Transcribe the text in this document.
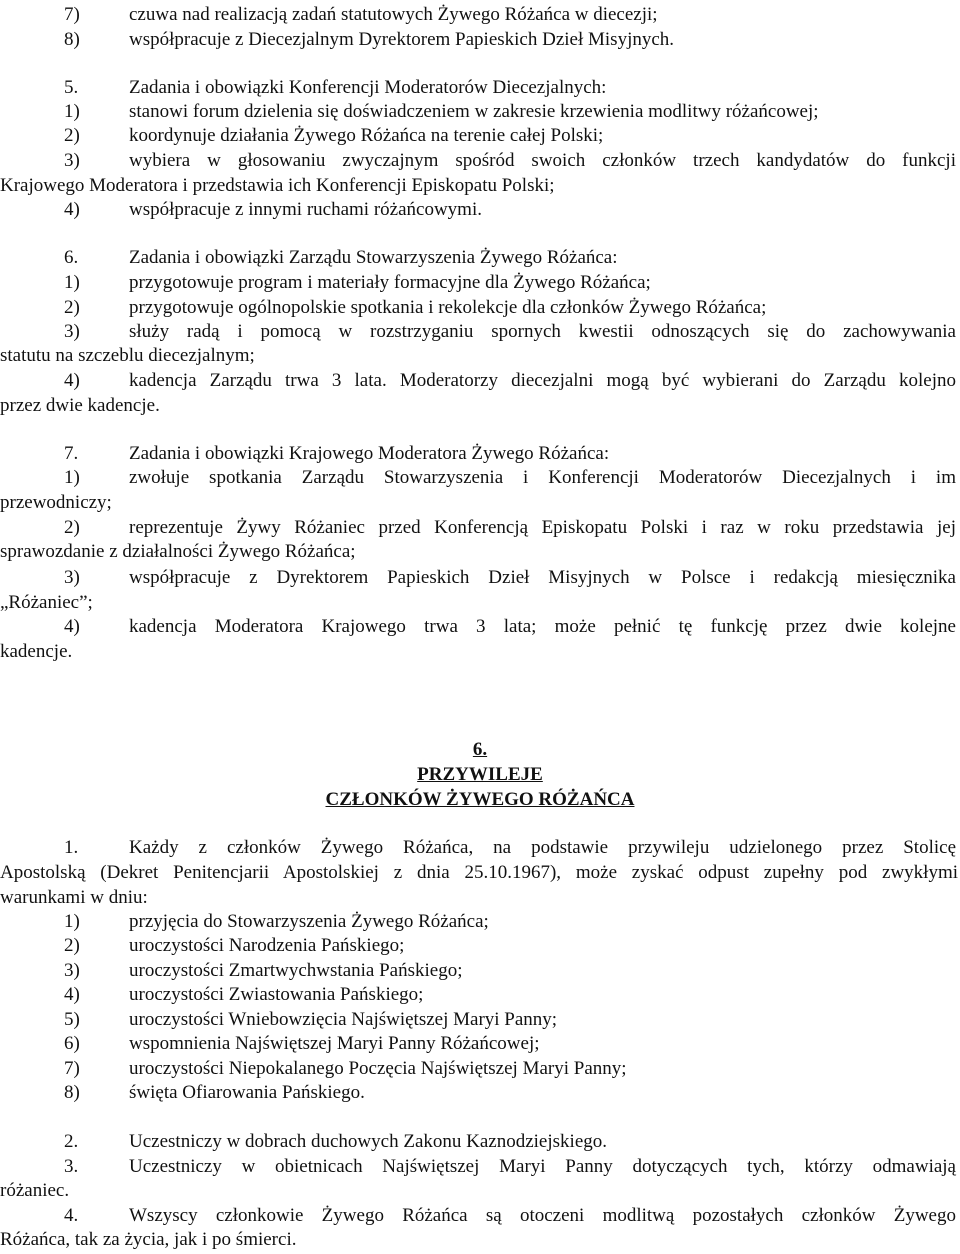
7)	czuwa nad realizacją zadań statutowych Żywego Różańca w diecezji;
8)	współpracuje z Diecezjalnym Dyrektorem Papieskich Dzieł Misyjnych.
5.	Zadania i obowiązki Konferencji Moderatorów Diecezjalnych:
1)	stanowi forum dzielenia się doświadczeniem w zakresie krzewienia modlitwy różańcowej;
2)	koordynuje działania Żywego Różańca na terenie całej Polski;
3)	wybiera w głosowaniu zwyczajnym spośród swoich członków trzech kandydatów do funkcji
Krajowego Moderatora i przedstawia ich Konferencji Episkopatu Polski;
4)	współpracuje z innymi ruchami różańcowymi.
6.	Zadania i obowiązki Zarządu Stowarzyszenia Żywego Różańca:
1)	przygotowuje program i materiały formacyjne dla Żywego Różańca;
2)	przygotowuje ogólnopolskie spotkania i rekolekcje dla członków Żywego Różańca;
3)	służy radą i pomocą w rozstrzyganiu spornych kwestii odnoszących się do zachowywania
statutu na szczeblu diecezjalnym;
4)	kadencja Zarządu trwa 3 lata. Moderatorzy diecezjalni mogą być wybierani do Zarządu kolejno
przez dwie kadencje.
7.	Zadania i obowiązki Krajowego Moderatora Żywego Różańca:
1)	zwołuje spotkania Zarządu Stowarzyszenia i Konferencji Moderatorów Diecezjalnych i im
przewodniczy;
2)	reprezentuje Żywy Różaniec przed Konferencją Episkopatu Polski i raz w roku przedstawia jej
sprawozdanie z działalności Żywego Różańca;
3)	współpracuje z Dyrektorem Papieskich Dzieł Misyjnych w Polsce i redakcją miesięcznika
„Różaniec”;
4)	kadencja Moderatora Krajowego trwa 3 lata; może pełnić tę funkcję przez dwie kolejne
kadencje.
6.
PRZYWILEJE
CZŁONKÓW ŻYWEGO RÓŻAŃCA
1.	Każdy z członków Żywego Różańca, na podstawie przywileju udzielonego przez Stolicę
Apostolską (Dekret Penitencjarii Apostolskiej z dnia 25.10.1967), może zyskać odpust zupełny pod zwykłymi
warunkami w dniu:
1)	przyjęcia do Stowarzyszenia Żywego Różańca;
2)	uroczystości Narodzenia Pańskiego;
3)	uroczystości Zmartwychwstania Pańskiego;
4)	uroczystości Zwiastowania Pańskiego;
5)	uroczystości Wniebowzięcia Najświętszej Maryi Panny;
6)	wspomnienia Najświętszej Maryi Panny Różańcowej;
7)	uroczystości Niepokalanego Poczęcia Najświętszej Maryi Panny;
8)	święta Ofiarowania Pańskiego.
2.	Uczestniczy w dobrach duchowych Zakonu Kaznodziejskiego.
3.	Uczestniczy w obietnicach Najświętszej Maryi Panny dotyczących tych, którzy odmawiają
różaniec.
4.	Wszyscy członkowie Żywego Różańca są otoczeni modlitwą pozostałych członków Żywego
Różańca, tak za życia, jak i po śmierci.
